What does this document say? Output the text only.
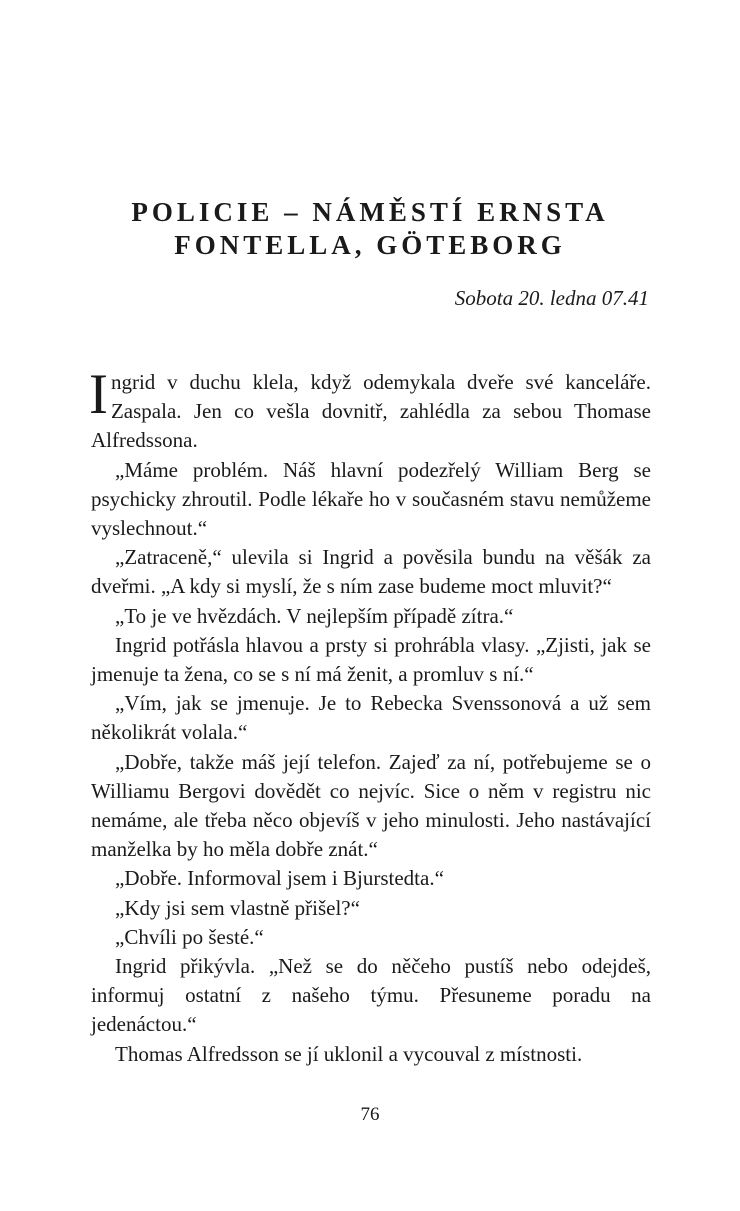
POLICIE – NÁMĚSTÍ ERNSTA
FONTELLA, GÖTEBORG

Sobota 20. ledna 07.41

Ingrid v duchu klela, když odemykala dveře své kanceláře. Zaspala. Jen co vešla dovnitř, zahlédla za sebou Thomase Alfredssona.

„Máme problém. Náš hlavní podezřelý William Berg se psychicky zhroutil. Podle lékaře ho v současném stavu nemůžeme vyslechnout.“

„Zatraceně,“ ulevila si Ingrid a pověsila bundu na věšák za dveřmi. „A kdy si myslí, že s ním zase budeme moct mluvit?“

„To je ve hvězdách. V nejlepším případě zítra.“

Ingrid potřásla hlavou a prsty si prohrábla vlasy. „Zjisti, jak se jmenuje ta žena, co se s ní má ženit, a promluv s ní.“

„Vím, jak se jmenuje. Je to Rebecka Svenssonová a už sem několikrát volala.“

„Dobře, takže máš její telefon. Zajeď za ní, potřebujeme se o Williamu Bergovi dovědět co nejvíc. Sice o něm v registru nic nemáme, ale třeba něco objevíš v jeho minulosti. Jeho nastávající manželka by ho měla dobře znát.“

„Dobře. Informoval jsem i Bjurstedta.“

„Kdy jsi sem vlastně přišel?“

„Chvíli po šesté.“

Ingrid přikývla. „Než se do něčeho pustíš nebo odejdeš, informuj ostatní z našeho týmu. Přesuneme poradu na jedenáctou.“

Thomas Alfredsson se jí uklonil a vycouval z místnosti.

76
